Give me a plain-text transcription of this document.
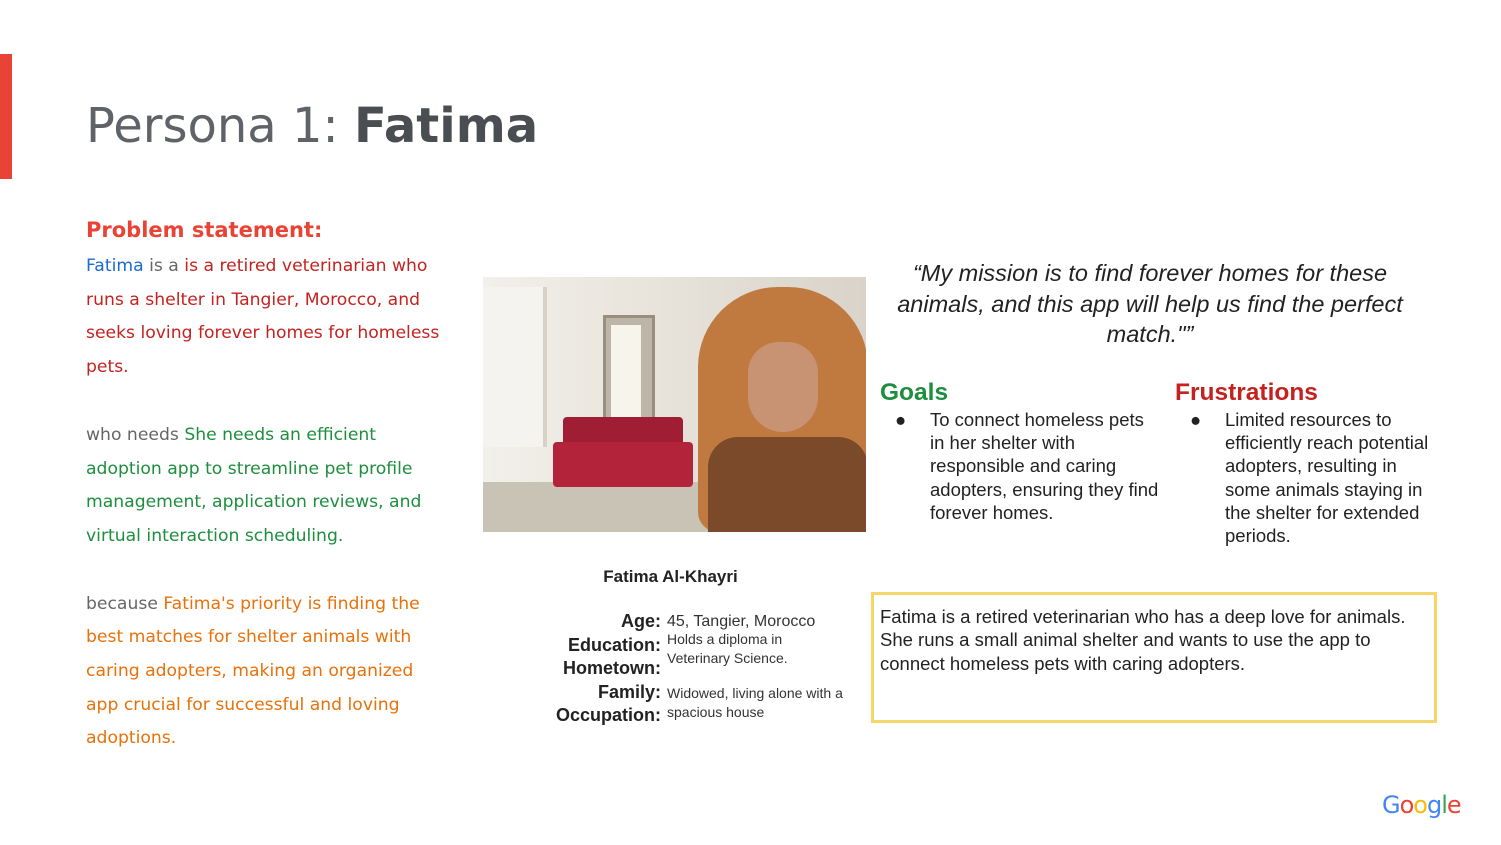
Persona 1: Fatima
Problem statement:

Fatima is a is a retired veterinarian who runs a shelter in Tangier, Morocco, and seeks loving forever homes for homeless pets.

who needs She needs an efficient adoption app to streamline pet profile management, application reviews, and virtual interaction scheduling.

because Fatima's priority is finding the best matches for shelter animals with caring adopters, making an organized app crucial for successful and loving adoptions.

Fatima Al-Khayri
Age:
Education:
Hometown:
Family:
Occupation:
45, Tangier, Morocco
Holds a diploma in Veterinary Science.
Widowed, living alone with a spacious house
“My mission is to find forever homes for these animals, and this app will help us find the perfect match."”
Goals
● To connect homeless pets in her shelter with responsible and caring adopters, ensuring they find forever homes.
Frustrations
● Limited resources to efficiently reach potential adopters, resulting in some animals staying in the shelter for extended periods.
Fatima is a retired veterinarian who has a deep love for animals. She runs a small animal shelter and wants to use the app to connect homeless pets with caring adopters.
Google
